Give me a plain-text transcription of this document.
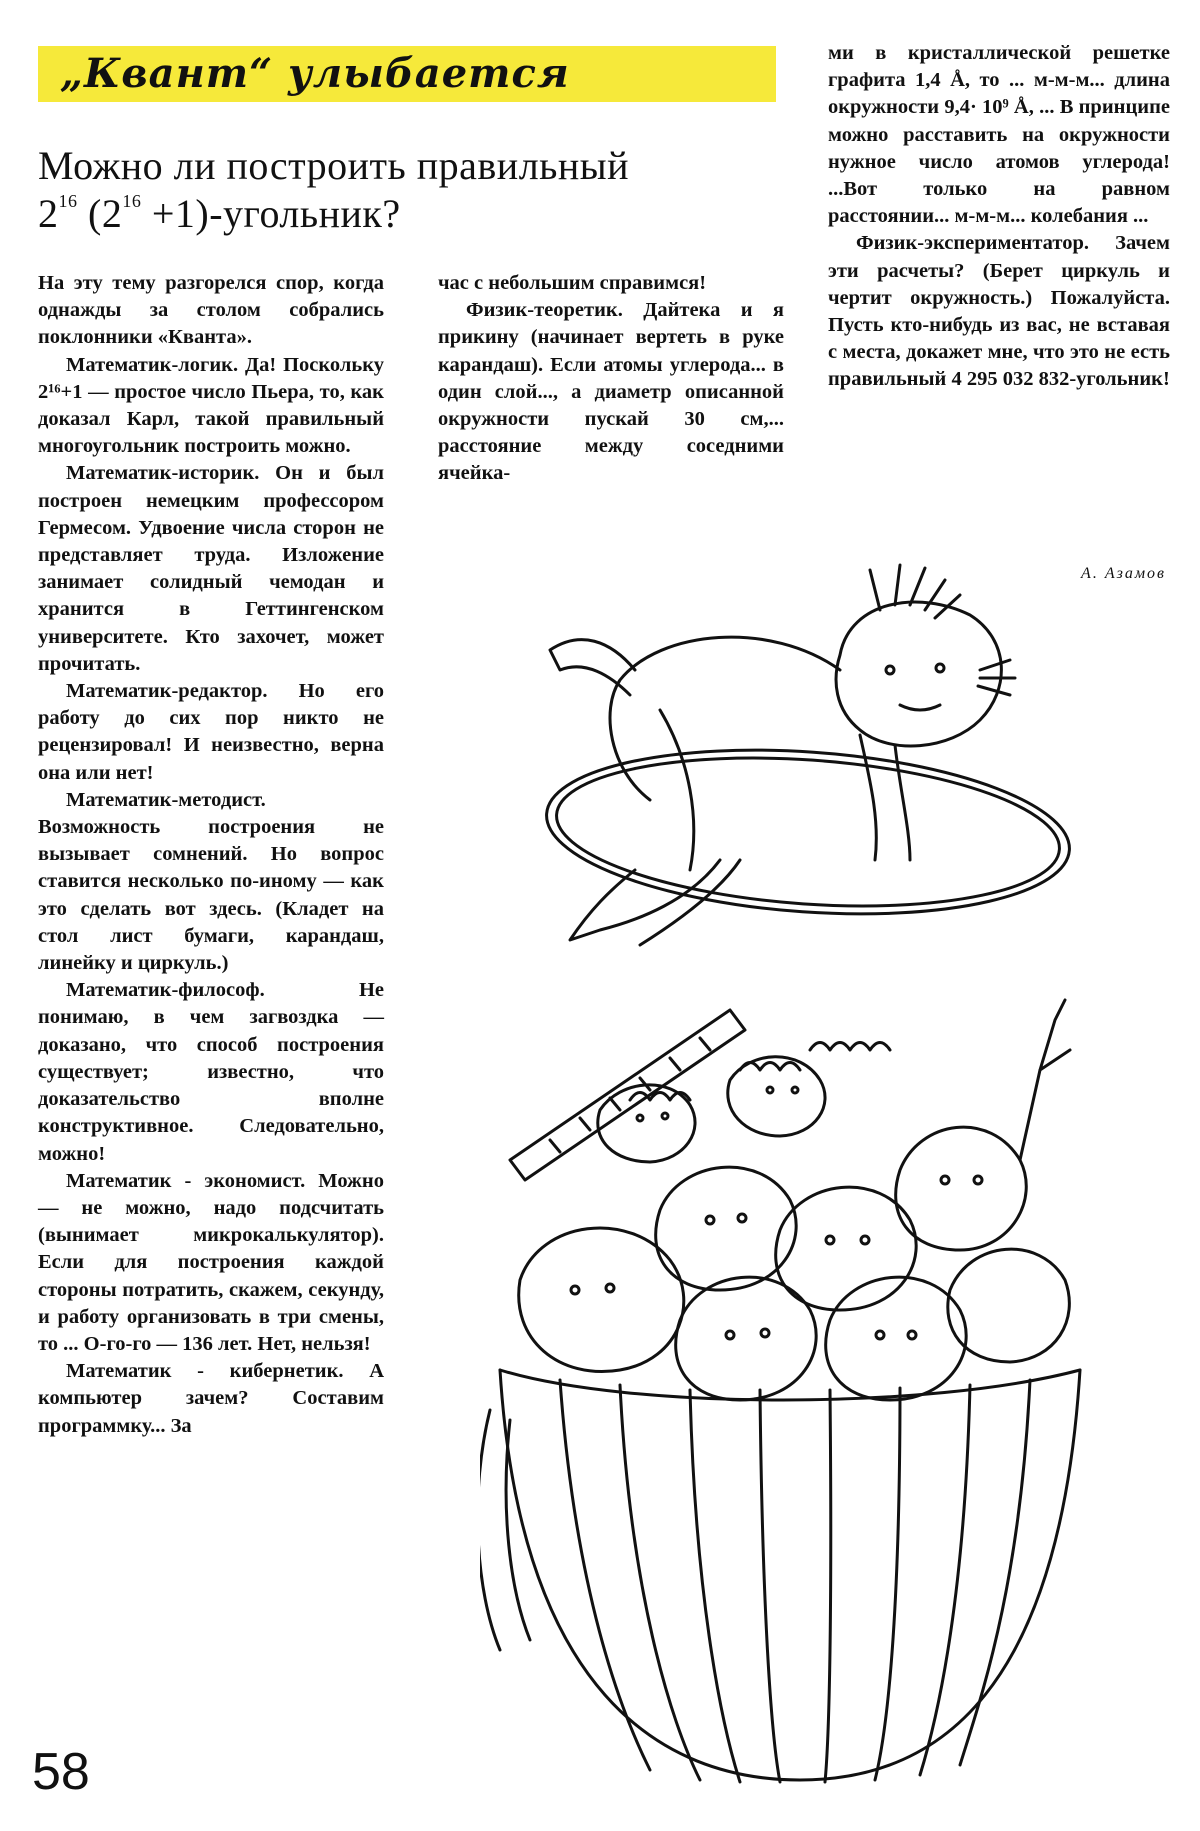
„Квант“ улыбается
Можно ли построить правильный
$2^{16}$ ($2^{16}$ +1)-угольник?

На эту тему разгорелся спор, когда однажды за столом собрались поклонники «Кванта».

Математик-логик. Да! Поскольку 2¹⁶+1 — простое число Пьера, то, как доказал Карл, такой правильный многоугольник построить можно.

Математик-историк. Он и был построен немецким профессором Гермесом. Удвоение числа сторон не представляет труда. Изложение занимает солидный чемодан и хранится в Геттингенском университете. Кто захочет, может прочитать.

Математик-редактор. Но его работу до сих пор никто не рецензировал! И неизвестно, верна она или нет!

Математик-методист. Возможность построения не вызывает сомнений. Но вопрос ставится несколько по-иному — как это сделать вот здесь. (Кладет на стол лист бумаги, карандаш, линейку и циркуль.)

Математик-философ. Не понимаю, в чем загвоздка — доказано, что способ построения существует; известно, что доказательство вполне конструктивное. Следовательно, можно!

Математик - экономист. Можно — не можно, надо подсчитать (вынимает микрокалькулятор). Если для построения каждой стороны потратить, скажем, секунду, и работу организовать в три смены, то ... О-го-го — 136 лет. Нет, нельзя!

Математик - кибернетик. А компьютер зачем? Составим программку... За

час с небольшим справимся!

Физик-теоретик. Дайтека и я прикину (начинает вертеть в руке карандаш). Если атомы углерода... в один слой..., а диаметр описанной окружности пускай 30 см,... расстояние между соседними ячейка-

ми в кристаллической решетке графита 1,4 Å, то ... м-м-м... длина окружности 9,4· 10⁹ Å, ... В принципе можно расставить на окружности нужное число атомов углерода! ...Вот только на равном расстоянии... м-м-м... колебания ...

Физик-экспериментатор. Зачем эти расчеты? (Берет циркуль и чертит окружность.) Пожалуйста. Пусть кто-нибудь из вас, не вставая с места, докажет мне, что это не есть правильный 4 295 032 832-угольник!

А. Азамов
58
